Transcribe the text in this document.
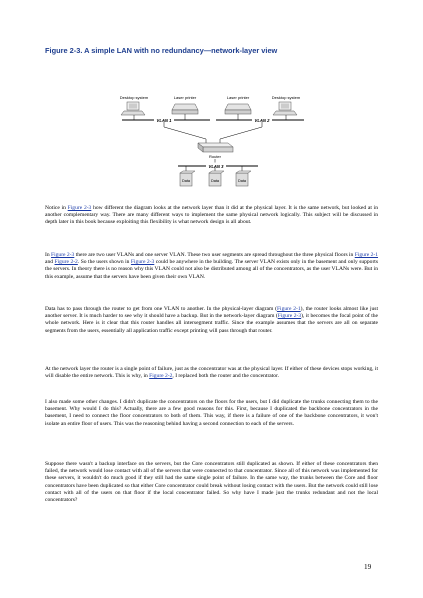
Figure 2-3. A simple LAN with no redundancy—network-layer view
Desktop system	Laser printer	Laser printer	Desktop system
VLAN 1	VLAN 2
Router
VLAN 3
Data	Data	Data
Notice in Figure 2-3 how different the diagram looks at the network layer than it did at the physical layer. It is the same network, but looked at in another complementary way. There are many different ways to implement the same physical network logically. This subject will be discussed in depth later in this book because exploiting this flexibility is what network design is all about.
In Figure 2-3 there are two user VLANs and one server VLAN. These two user segments are spread throughout the three physical floors in Figure 2-1 and Figure 2-2. So the users shown in Figure 2-3 could be anywhere in the building. The server VLAN exists only in the basement and only supports the servers. In theory there is no reason why this VLAN could not also be distributed among all of the concentrators, as the user VLANs were. But in this example, assume that the servers have been given their own VLAN.
Data has to pass through the router to get from one VLAN to another. In the physical-layer diagram (Figure 2-1), the router looks almost like just another server. It is much harder to see why it should have a backup. But in the network-layer diagram (Figure 2-3), it becomes the focal point of the whole network. Here is it clear that this router handles all intersegment traffic. Since the example assumes that the servers are all on separate segments from the users, essentially all application traffic except printing will pass through that router.
At the network layer the router is a single point of failure, just as the concentrator was at the physical layer. If either of these devices stops working, it will disable the entire network. This is why, in Figure 2-2, I replaced both the router and the concentrator.
I also made some other changes. I didn't duplicate the concentrators on the floors for the users, but I did duplicate the trunks connecting them to the basement. Why would I do this? Actually, there are a few good reasons for this. First, because I duplicated the backbone concentrators in the basement, I need to connect the floor concentrators to both of them. This way, if there is a failure of one of the backbone concentrators, it won't isolate an entire floor of users. This was the reasoning behind having a second connection to each of the servers.
Suppose there wasn't a backup interface on the servers, but the Core concentrators still duplicated as shown. If either of these concentrators then failed, the network would lose contact with all of the servers that were connected to that concentrator. Since all of this network was implemented for these servers, it wouldn't do much good if they still had the same single point of failure. In the same way, the trunks between the Core and floor concentrators have been duplicated so that either Core concentrator could break without losing contact with the users. But the network could still lose contact with all of the users on that floor if the local concentrator failed. So why have I made just the trunks redundant and not the local concentrators?
19
